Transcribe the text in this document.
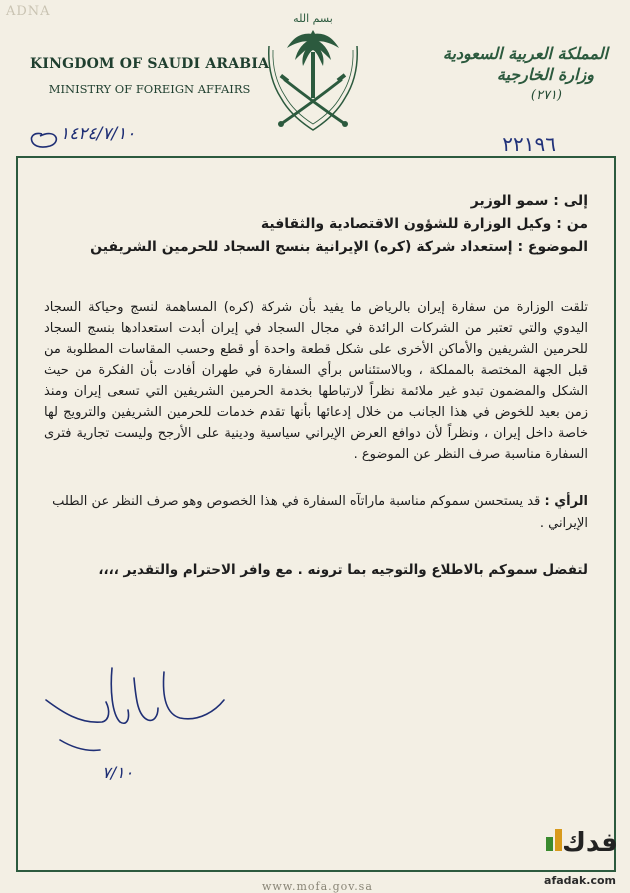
ΑDΝΑ
KINGDOM OF SAUDI ARABIA
MINISTRY OF FOREIGN AFFAIRS
بسم الله
المملكة العربية السعودية
وزارة الخارجية
(٢٧١)
١٤٢٤/٧/١٠	٢٢١٩٦
إلى : سمو الوزير
من : وكيل الوزارة للشؤون الاقتصادية والثقافية
الموضوع : إستعداد شركة (كره) الإيرانية بنسج السجاد للحرمين الشريفين
تلقت الوزارة من سفارة إيران بالرياض ما يفيد بأن شركة (كره) المساهمة لنسج وحياكة السجاد اليدوي والتي تعتبر من الشركات الرائدة في مجال السجاد في إيران أبدت استعدادها بنسج السجاد للحرمين الشريفين والأماكن الأخرى على شكل قطعة واحدة أو قطع وحسب المقاسات المطلوبة من قبل الجهة المختصة بالمملكة ، وبالاستئناس برأي السفارة في طهران أفادت بأن الفكرة من حيث الشكل والمضمون تبدو غير ملائمة نظراً لارتباطها بخدمة الحرمين الشريفين التي تسعى إيران ومنذ زمن بعيد للخوض في هذا الجانب من خلال إدعائها بأنها تقدم خدمات للحرمين الشريفين والترويج لها خاصة داخل إيران ، ونظراً لأن دوافع العرض الإيراني سياسية ودينية على الأرجح وليست تجارية فترى السفارة مناسبة صرف النظر عن الموضوع .
الرأي : قد يستحسن سموكم مناسبة ماراتآه السفارة في هذا الخصوص وهو صرف النظر عن الطلب الإيراني .
لتفضل سموكم بالاطلاع والتوجيه بما ترونه . مع وافر الاحترام والتقدير ،،،،
٧/١٠
فدك
afadak.com
www.mofa.gov.sa
